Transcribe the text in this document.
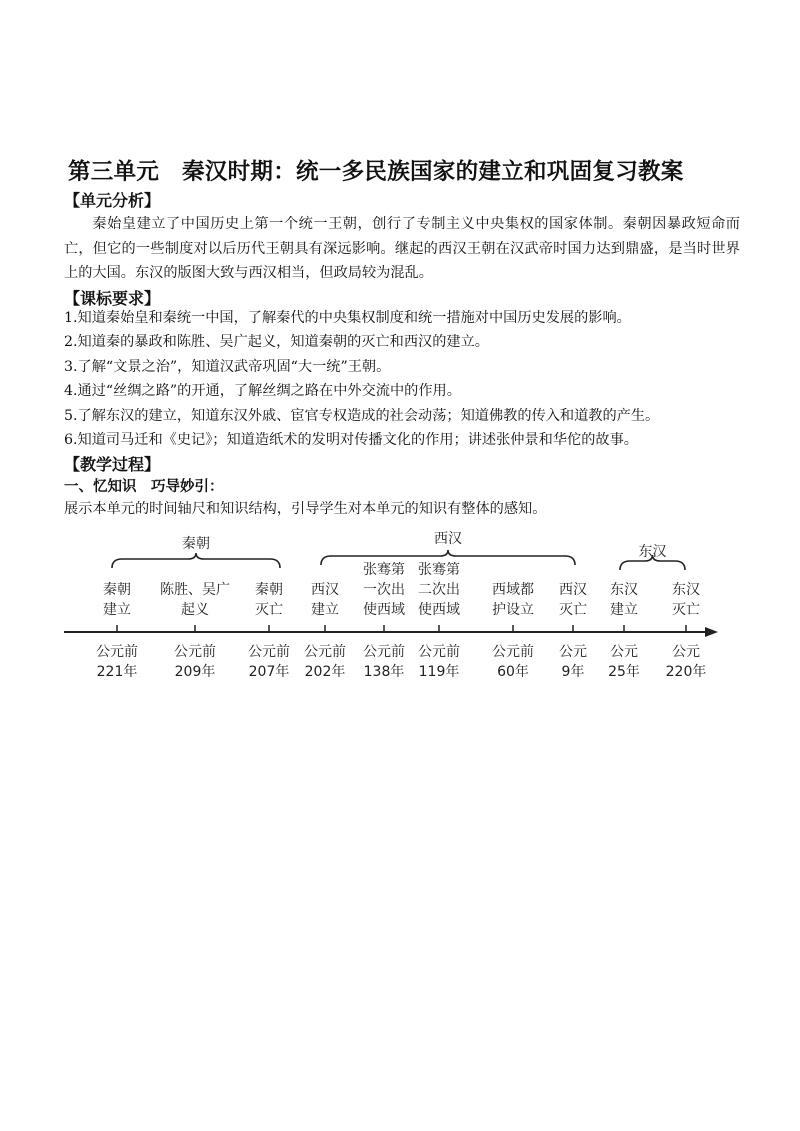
第三单元　秦汉时期：统一多民族国家的建立和巩固复习教案
【单元分析】
秦始皇建立了中国历史上第一个统一王朝，创行了专制主义中央集权的国家体制。秦朝因暴政短命而亡，但它的一些制度对以后历代王朝具有深远影响。继起的西汉王朝在汉武帝时国力达到鼎盛，是当时世界上的大国。东汉的版图大致与西汉相当，但政局较为混乱。
【课标要求】
1.知道秦始皇和秦统一中国，了解秦代的中央集权制度和统一措施对中国历史发展的影响。
2.知道秦的暴政和陈胜、吴广起义，知道秦朝的灭亡和西汉的建立。
3.了解“文景之治”，知道汉武帝巩固“大一统”王朝。
4.通过“丝绸之路”的开通，了解丝绸之路在中外交流中的作用。
5.了解东汉的建立，知道东汉外戚、宦官专权造成的社会动荡；知道佛教的传入和道教的产生。
6.知道司马迁和《史记》；知道造纸术的发明对传播文化的作用；讲述张仲景和华佗的故事。
【教学过程】
一、忆知识　巧导妙引：
展示本单元的时间轴尺和知识结构，引导学生对本单元的知识有整体的感知。
秦朝	西汉
东汉
秦朝
建立
公元前
221年
陈胜、吴广
起义
公元前
209年
秦朝
灭亡
公元前
207年
西汉
建立
公元前
202年
张骞第
一次出
使西域
公元前
138年
张骞第
二次出
使西域
公元前
119年
西域都
护设立
公元前
60年
西汉
灭亡
公元
9年
东汉
建立
公元
25年
东汉
灭亡
公元
220年
